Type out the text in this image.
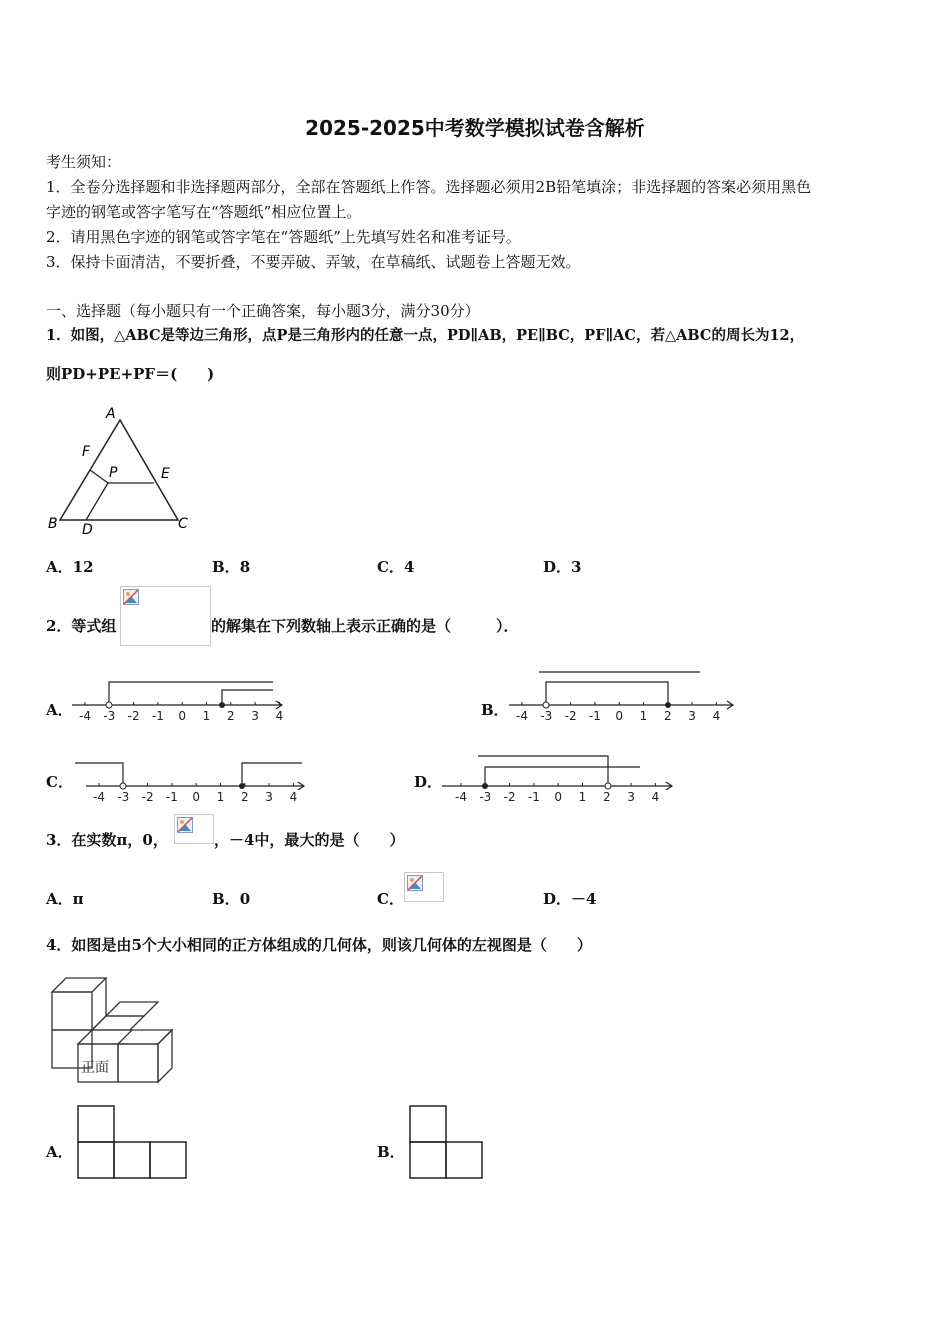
2025-2025中考数学模拟试卷含解析
考生须知：
1．全卷分选择题和非选择题两部分，全部在答题纸上作答。选择题必须用2B铅笔填涂；非选择题的答案必须用黑色
字迹的钢笔或答字笔写在“答题纸”相应位置上。
2．请用黑色字迹的钢笔或答字笔在“答题纸”上先填写姓名和准考证号。
3．保持卡面清洁，不要折叠，不要弄破、弄皱，在草稿纸、试题卷上答题无效。
一、选择题（每小题只有一个正确答案，每小题3分，满分30分）
1．如图，△ABC是等边三角形，点P是三角形内的任意一点，PD∥AB，PE∥BC，PF∥AC，若△ABC的周长为12，
则PD+PE+PF＝(　　)
A
F
P	E
B D	C
A．12	B．8	C．4	D．3
2．等式组	的解集在下列数轴上表示正确的是（　　　）．
A． -4 -3 -2 -1 0 1 2 3 4	B． -4 -3 -2 -1 0 1 2 3 4
C．
-4 -3 -2 -1 0 1 2 3 4
D．
-4 -3 -2 -1 0 1 2 3 4
3．在实数π，0，	，－4中，最大的是（　　）
A．π	B．0	C．	D．－4
4．如图是由5个大小相同的正方体组成的几何体，则该几何体的左视图是（　　）
正面
A．	B．
